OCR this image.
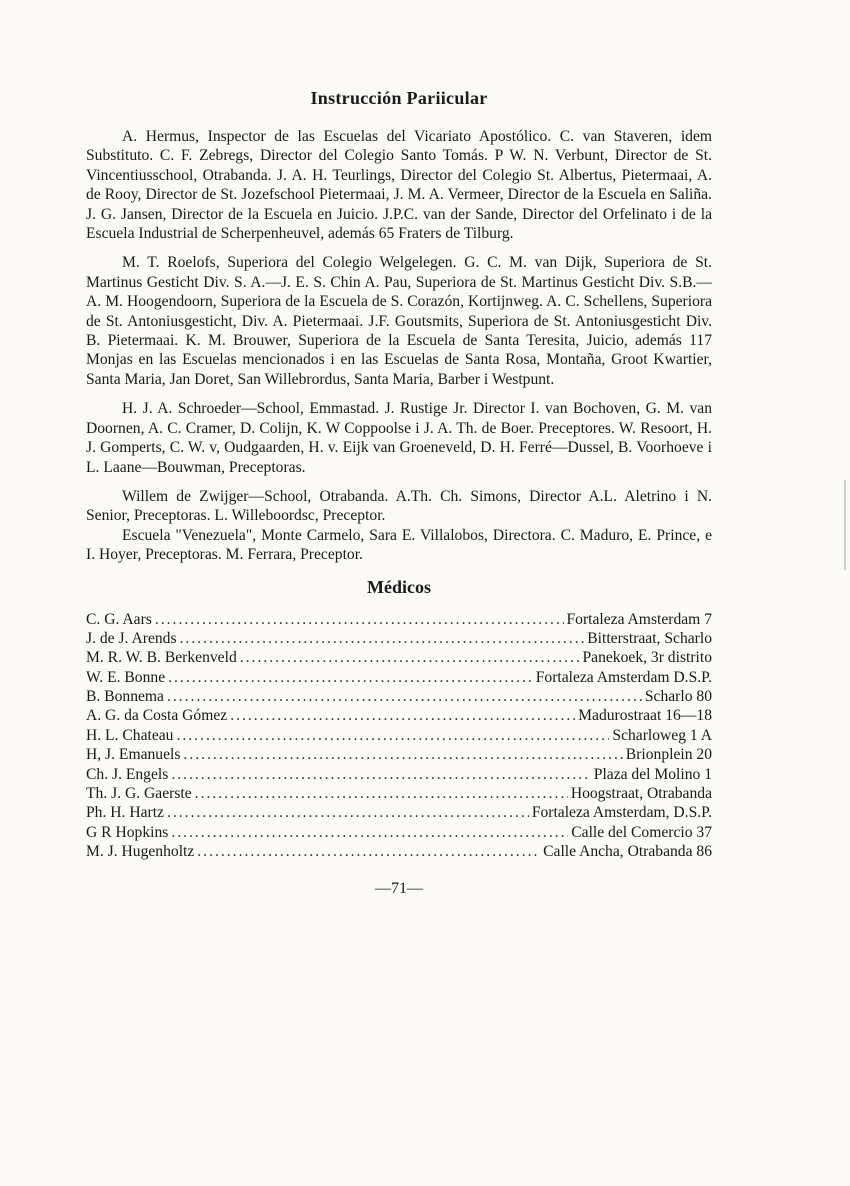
Instrucción Pariicular

A. Hermus, Inspector de las Escuelas del Vicariato Apostólico. C. van Staveren, idem Substituto. C. F. Zebregs, Director del Colegio Santo Tomás. P W. N. Verbunt, Director de St. Vincentiusschool, Otrabanda. J. A. H. Teurlings, Director del Colegio St. Albertus, Pietermaai, A. de Rooy, Director de St. Jozefschool Pietermaai, J. M. A. Vermeer, Director de la Escuela en Saliña. J. G. Jansen, Director de la Escuela en Juicio. J.P.C. van der Sande, Director del Orfelinato i de la Escuela Industrial de Scherpenheuvel, además 65 Fraters de Tilburg.

M. T. Roelofs, Superiora del Colegio Welgelegen. G. C. M. van Dijk, Superiora de St. Martinus Gesticht Div. S. A.—J. E. S. Chin A. Pau, Superiora de St. Martinus Gesticht Div. S.B.—A. M. Hoogendoorn, Superiora de la Escuela de S. Corazón, Kortijnweg. A. C. Schellens, Superiora de St. Antoniusgesticht, Div. A. Pietermaai. J.F. Goutsmits, Superiora de St. Antoniusgesticht Div. B. Pietermaai. K. M. Brouwer, Superiora de la Escuela de Santa Teresita, Juicio, además 117 Monjas en las Escuelas mencionados i en las Escuelas de Santa Rosa, Montaña, Groot Kwartier, Santa Maria, Jan Doret, San Willebrordus, Santa Maria, Barber i Westpunt.

H. J. A. Schroeder—School, Emmastad. J. Rustige Jr. Director I. van Bochoven, G. M. van Doornen, A. C. Cramer, D. Colijn, K. W Coppoolse i J. A. Th. de Boer. Preceptores. W. Resoort, H. J. Gomperts, C. W. v, Oudgaarden, H. v. Eijk van Groeneveld, D. H. Ferré—Dussel, B. Voorhoeve i L. Laane—Bouwman, Preceptoras.

Willem de Zwijger—School, Otrabanda. A.Th. Ch. Simons, Director A.L. Aletrino i N. Senior, Preceptoras. L. Willeboordsc, Preceptor.

Escuela "Venezuela", Monte Carmelo, Sara E. Villalobos, Directora. C. Maduro, E. Prince, e I. Hoyer, Preceptoras. M. Ferrara, Preceptor.

Médicos
C. G. Aars .....	Fortaleza Amsterdam 7
J. de J. Arends .....	Bitterstraat, Scharlo
M. R. W. B. Berkenveld .....	Panekoek, 3r distrito
W. E. Bonne .....	Fortaleza Amsterdam D.S.P.
B. Bonnema .....	Scharlo 80
A. G. da Costa Gómez .....	Madurostraat 16—18
H. L. Chateau .....	Scharloweg 1 A
H, J. Emanuels .....	Brionplein 20
Ch. J. Engels .....	Plaza del Molino 1
Th. J. G. Gaerste .....	Hoogstraat, Otrabanda
Ph. H. Hartz .....	Fortaleza Amsterdam, D.S.P.
G R Hopkins .....	Calle del Comercio 37
M. J. Hugenholtz .....	Calle Ancha, Otrabanda 86
—71—
